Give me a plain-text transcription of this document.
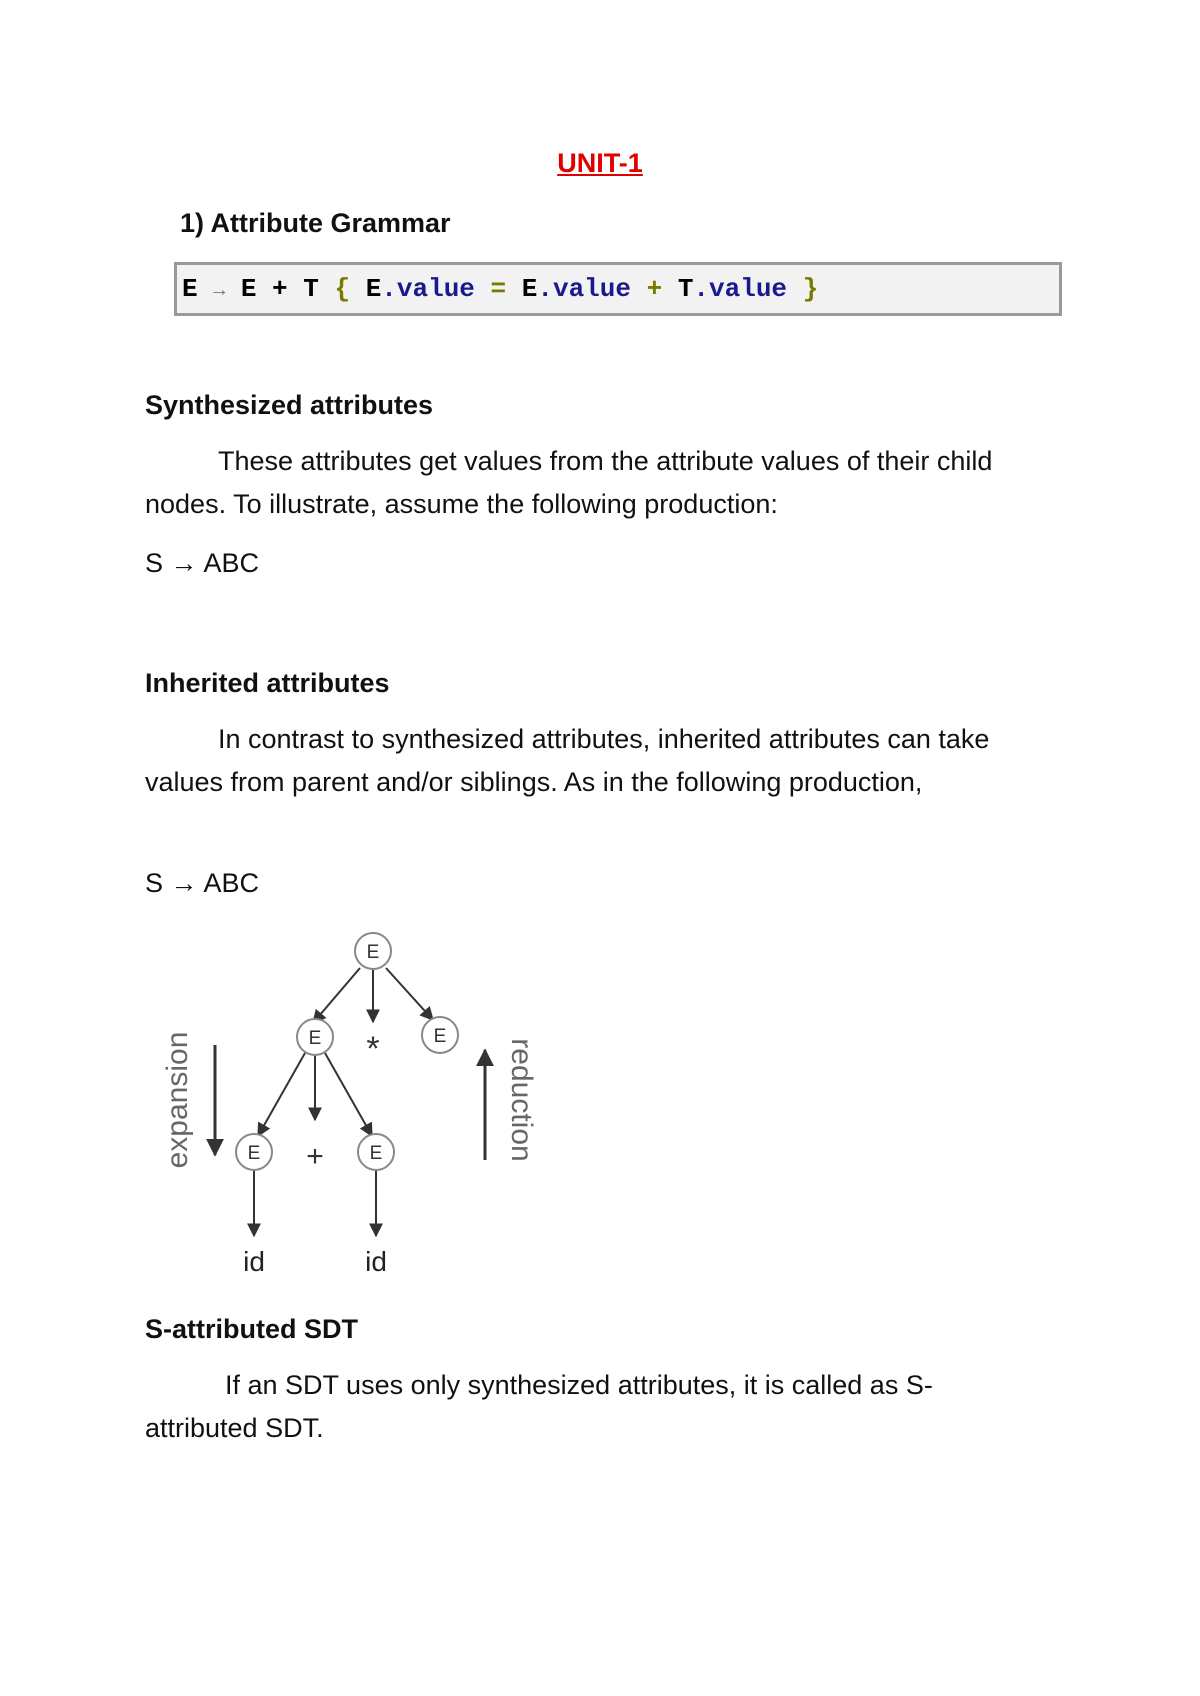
UNIT-1
1) Attribute Grammar
E → E + T { E.value = E.value + T.value }
Synthesized attributes
These attributes get values from the attribute values of their child nodes. To illustrate, assume the following production:
S → ABC
Inherited attributes
In contrast to synthesized attributes, inherited attributes can take values from parent and/or siblings. As in the following production,
S → ABC
expansion	reduction
E
E	E
E	E
*
+
id	id
S-attributed SDT
If an SDT uses only synthesized attributes, it is called as S-attributed SDT.
